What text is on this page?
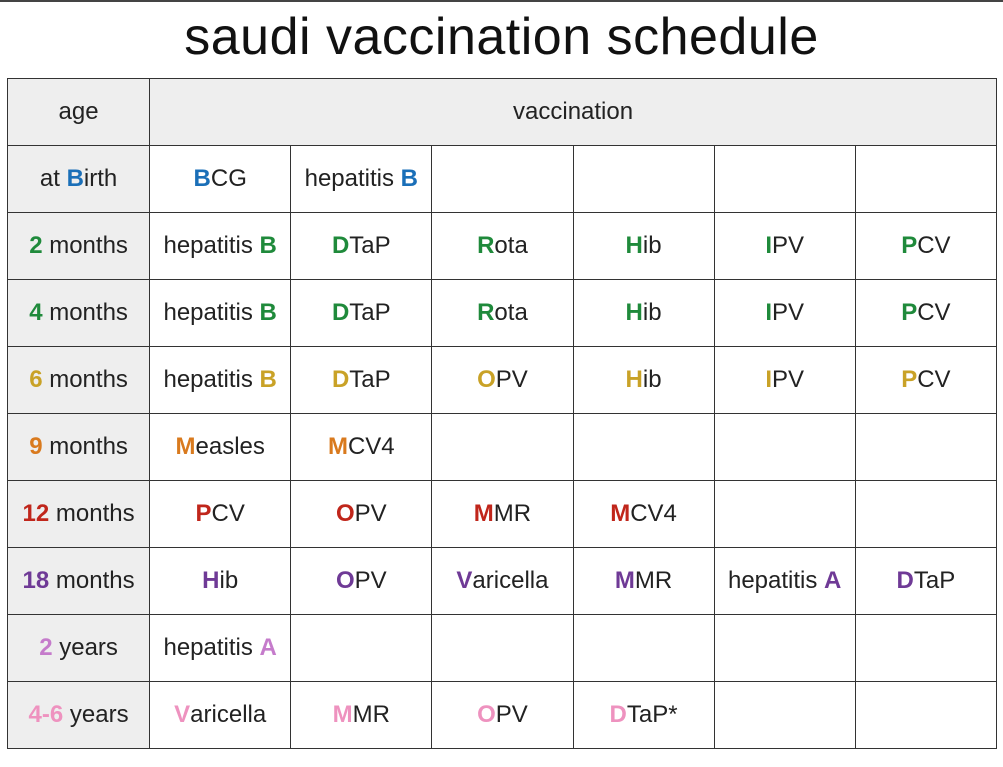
saudi vaccination schedule
age	vaccination					
at Birth	BCG	hepatitis B				
2 months	hepatitis B	DTaP	Rota	Hib	IPV	PCV
4 months	hepatitis B	DTaP	Rota	Hib	IPV	PCV
6 months	hepatitis B	DTaP	OPV	Hib	IPV	PCV
9 months	Measles	MCV4				
12 months	PCV	OPV	MMR	MCV4		
18 months	Hib	OPV	Varicella	MMR	hepatitis A	DTaP
2 years	hepatitis A					
4-6 years	Varicella	MMR	OPV	DTaP*		
